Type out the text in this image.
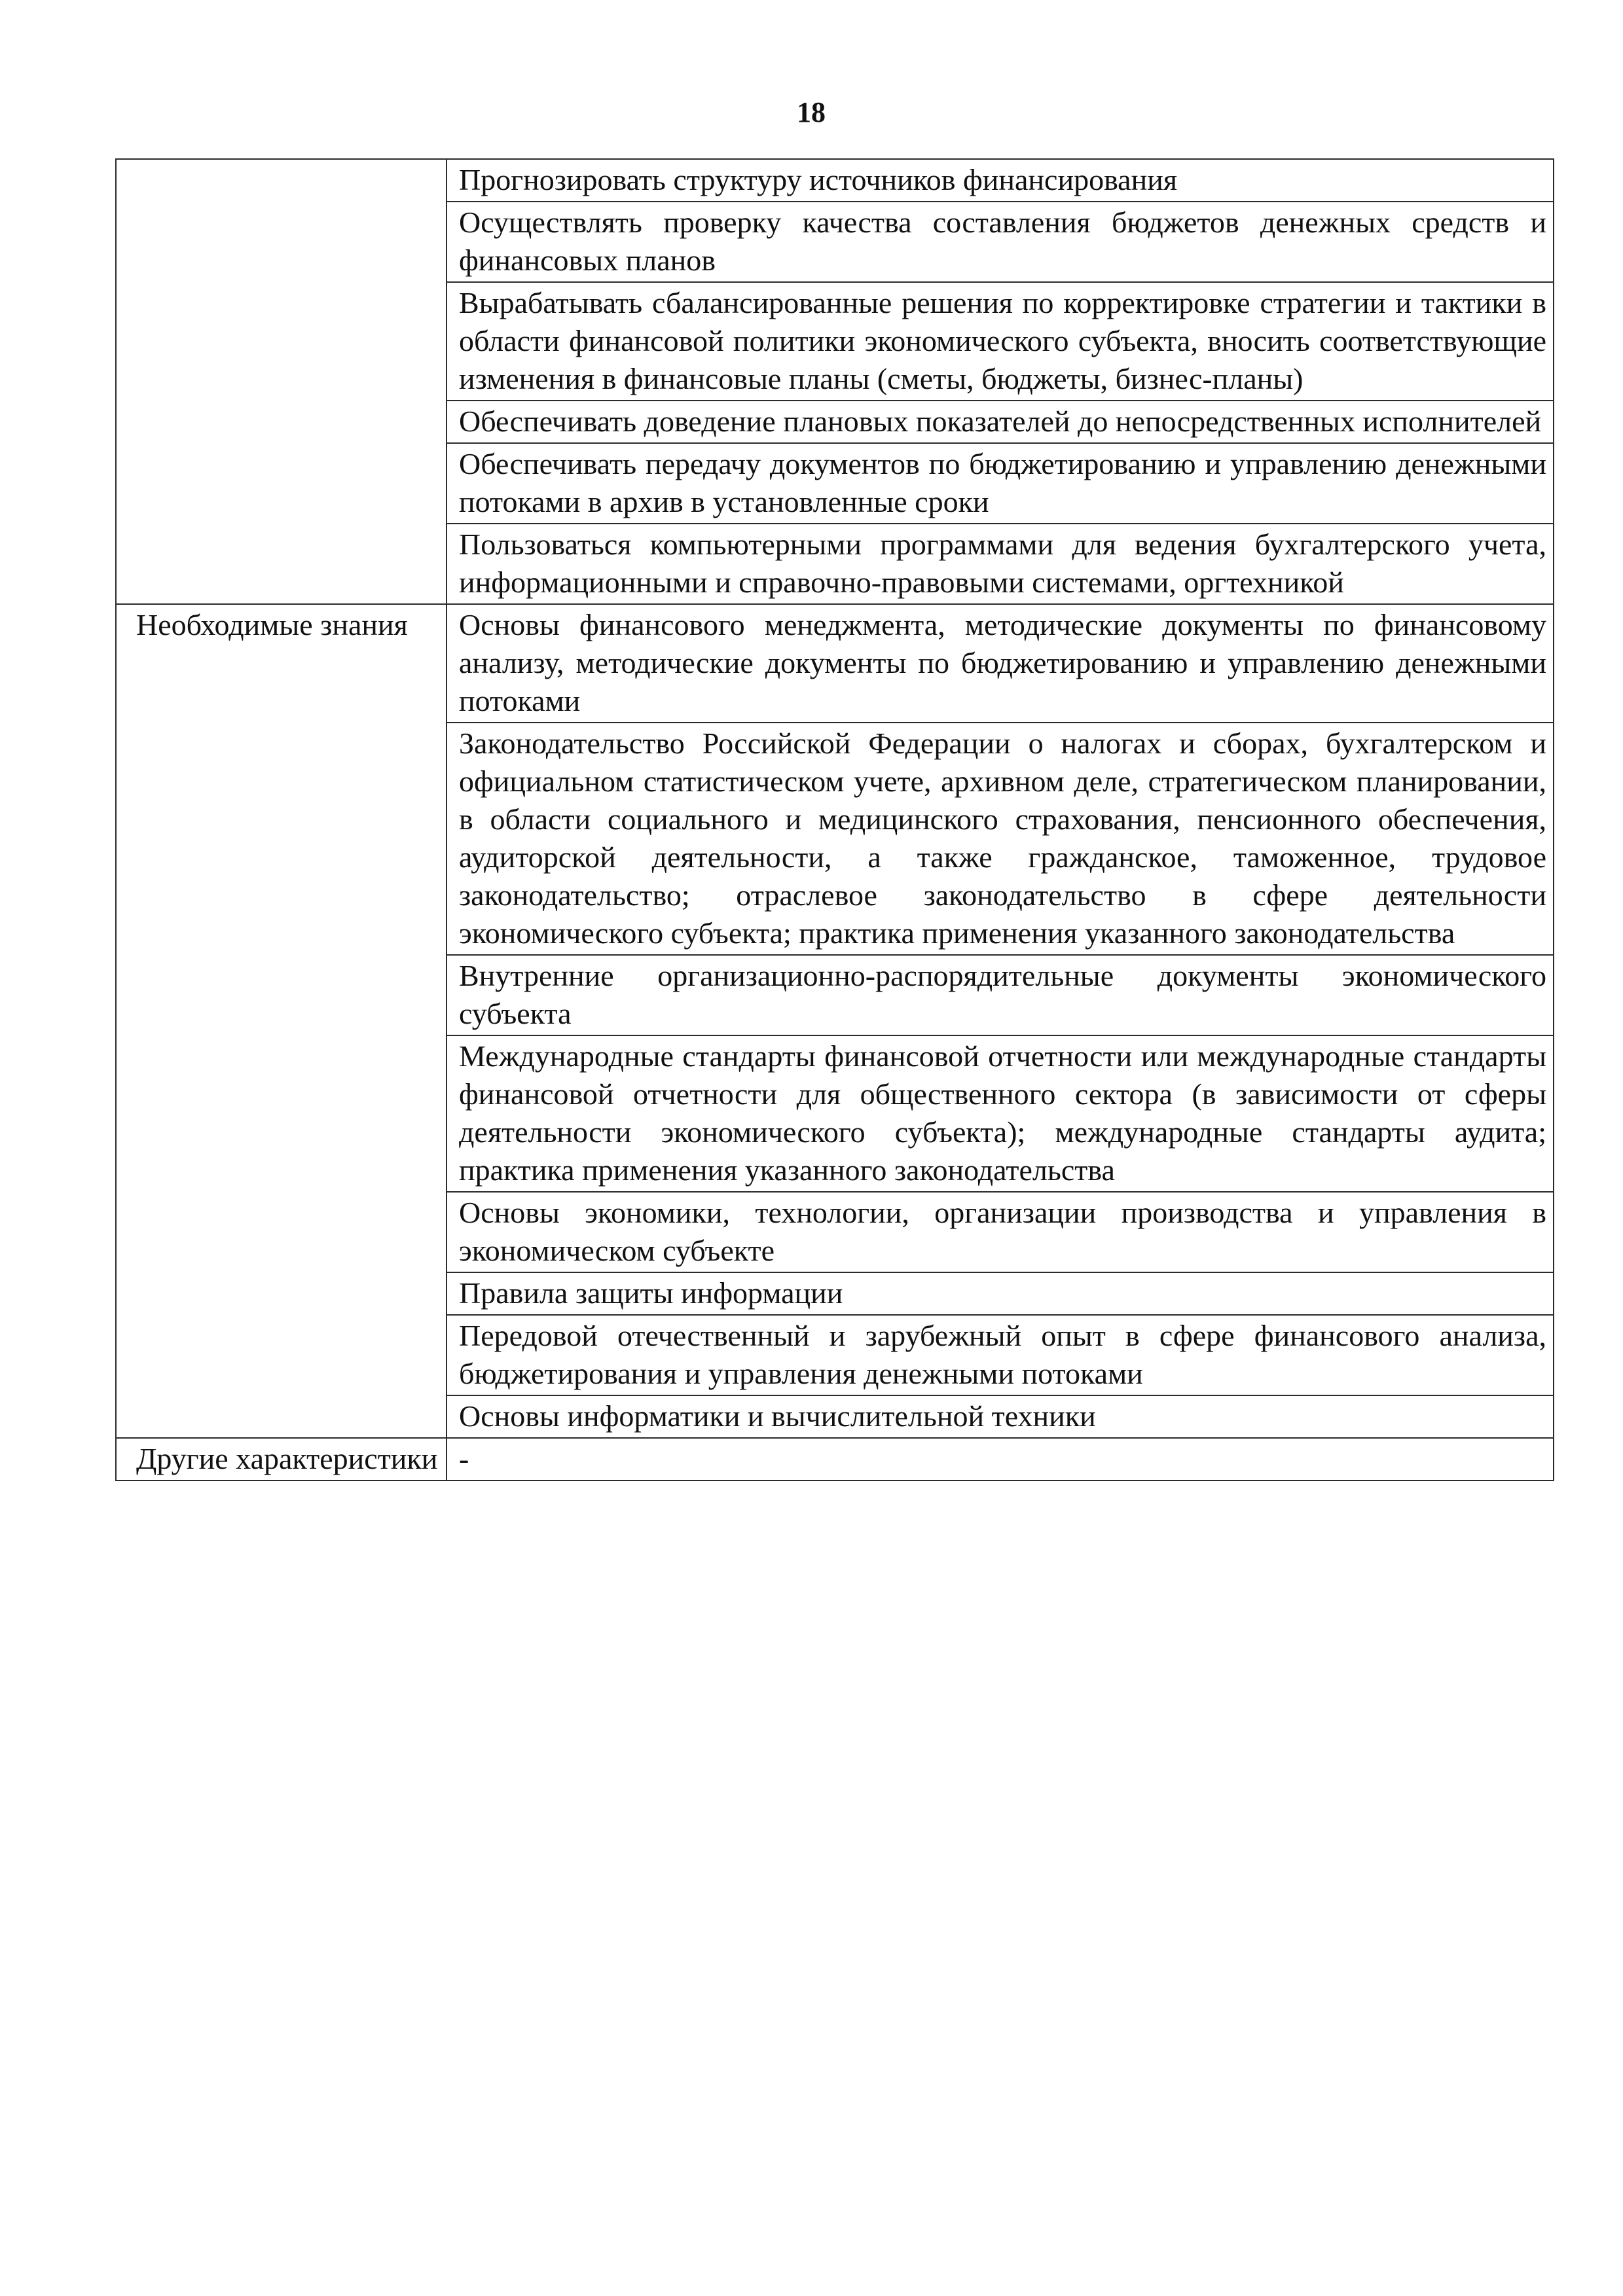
18
	Прогнозировать структуру источников финансирования
	Осуществлять проверку качества составления бюджетов денежных средств и финансовых планов
	Вырабатывать сбалансированные решения по корректировке стратегии и тактики в области финансовой политики экономического субъекта, вносить соответствующие изменения в финансовые планы (сметы, бюджеты, бизнес-планы)
	Обеспечивать доведение плановых показателей до непосредственных исполнителей
	Обеспечивать передачу документов по бюджетированию и управлению денежными потоками в архив в установленные сроки
	Пользоваться компьютерными программами для ведения бухгалтерского учета, информационными и справочно-правовыми системами, оргтехникой
Необходимые знания	Основы финансового менеджмента, методические документы по финансовому анализу, методические документы по бюджетированию и управлению денежными потоками
	Законодательство Российской Федерации о налогах и сборах, бухгалтерском и официальном статистическом учете, архивном деле, стратегическом планировании, в области социального и медицинского страхования, пенсионного обеспечения, аудиторской деятельности, а также гражданское, таможенное, трудовое законодательство; отраслевое законодательство в сфере деятельности экономического субъекта; практика применения указанного законодательства
	Внутренние организационно-распорядительные документы экономического субъекта
	Международные стандарты финансовой отчетности или международные стандарты финансовой отчетности для общественного сектора (в зависимости от сферы деятельности экономического субъекта); международные стандарты аудита; практика применения указанного законодательства
	Основы экономики, технологии, организации производства и управления в экономическом субъекте
	Правила защиты информации
	Передовой отечественный и зарубежный опыт в сфере финансового анализа, бюджетирования и управления денежными потоками
	Основы информатики и вычислительной техники
Другие характеристики	-
